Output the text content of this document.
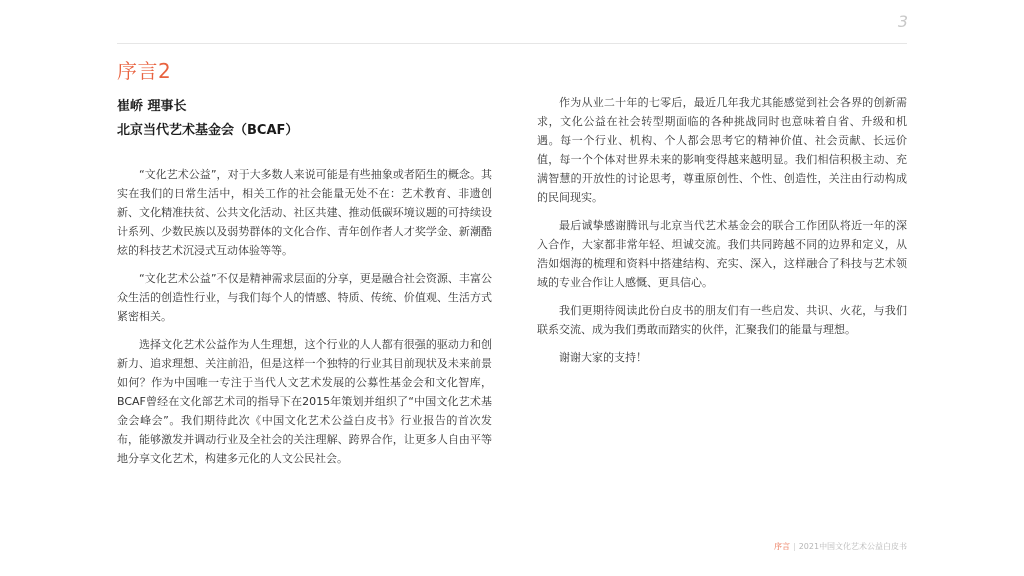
3
序言2
崔峤 理事长
北京当代艺术基金会（BCAF）

“文化艺术公益”，对于大多数人来说可能是有些抽象或者陌生的概念。其实在我们的日常生活中，相关工作的社会能量无处不在：艺术教育、非遗创新、文化精准扶贫、公共文化活动、社区共建、推动低碳环境议题的可持续设计系列、少数民族以及弱势群体的文化合作、青年创作者人才奖学金、新潮酷炫的科技艺术沉浸式互动体验等等。

“文化艺术公益”不仅是精神需求层面的分享，更是融合社会资源、丰富公众生活的创造性行业，与我们每个人的情感、特质、传统、价值观、生活方式紧密相关。

选择文化艺术公益作为人生理想，这个行业的人人都有很强的驱动力和创新力、追求理想、关注前沿，但是这样一个独特的行业其目前现状及未来前景如何？作为中国唯一专注于当代人文艺术发展的公募性基金会和文化智库，BCAF曾经在文化部艺术司的指导下在2015年策划并组织了“中国文化艺术基金会峰会”。我们期待此次《中国文化艺术公益白皮书》行业报告的首次发布，能够激发并调动行业及全社会的关注理解、跨界合作，让更多人自由平等地分享文化艺术，构建多元化的人文公民社会。

作为从业二十年的七零后，最近几年我尤其能感觉到社会各界的创新需求，文化公益在社会转型期面临的各种挑战同时也意味着自省、升级和机遇。每一个行业、机构、个人都会思考它的精神价值、社会贡献、长远价值，每一个个体对世界未来的影响变得越来越明显。我们相信积极主动、充满智慧的开放性的讨论思考，尊重原创性、个性、创造性，关注由行动构成的民间现实。

最后诚挚感谢腾讯与北京当代艺术基金会的联合工作团队将近一年的深入合作，大家都非常年轻、坦诚交流。我们共同跨越不同的边界和定义，从浩如烟海的梳理和资料中搭建结构、充实、深入，这样融合了科技与艺术领域的专业合作让人感慨、更具信心。

我们更期待阅读此份白皮书的朋友们有一些启发、共识、火花，与我们联系交流、成为我们勇敢而踏实的伙伴，汇聚我们的能量与理想。

谢谢大家的支持！

序言 | 2021中国文化艺术公益白皮书
